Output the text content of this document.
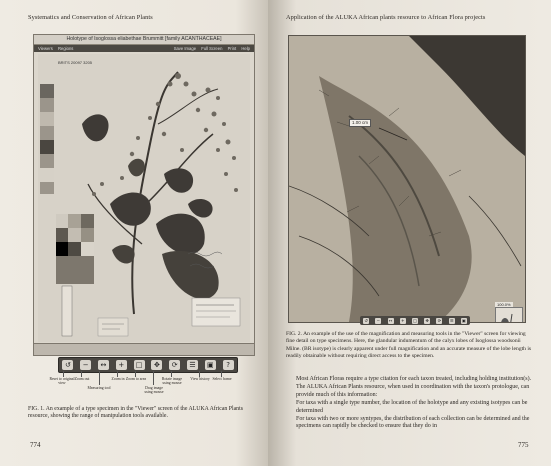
Systematics and Conservation of African Plants
Holotype of Isoglossa eliabethae Brummitt [family ACANTHACEAE]
Viewers Regions	Save Image Full Screen Print Help
BRITS 20097 3205
↺	−	↔	+	□	✥	⟳	☰	▣	?
Reset to original view
Zoom out
Measuring tool
Zoom in Zoom to area
Drag image using mouse
Rotate image using mouse
View history Select frame
FIG. 1. An example of a type specimen in the "Viewer" screen of the ALUKA African Plants resource, showing the range of manipulation tools available.
774
Application of the ALUKA African plants resource to African Flora projects
1.00 cm
100.0%
↺	−	↔	+	□	✥	⟳	☰	▣
FIG. 2. An example of the use of the magnification and measuring tools in the "Viewer" screen for viewing fine detail on type specimens. Here, the glandular indumentum of the calyx lobes of Isoglossa woodsonii Milne. (BR isotype) is clearly apparent under full magnification and an accurate measure of the lobe length is readily obtainable without requiring direct access to the specimen.

Most African Floras require a type citation for each taxon treated, including holding institution(s). The ALUKA African Plants resource, when used in coordination with the taxon's protologue, can provide much of this information:

For taxa with a single type number, the location of the holotype and any existing isotypes can be determined

For taxa with two or more syntypes, the distribution of each collection can be determined and the specimens can rapidly be checked to ensure that they do in

775
